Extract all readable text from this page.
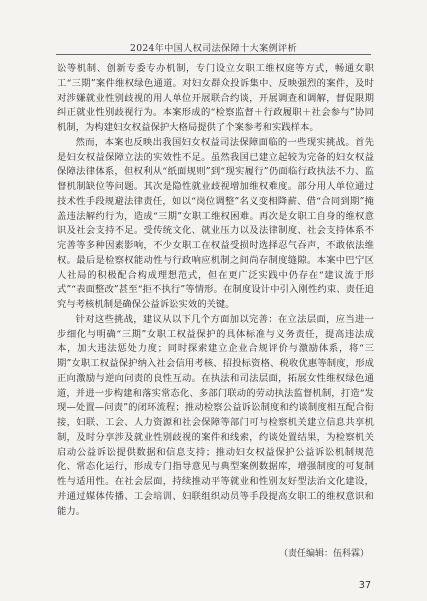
2024年中国人权司法保障十大案例评析

讼等机制、创新专委专办机制，专门设立女职工维权庭等方式，畅通女职工“三期”案件维权绿色通道。对妇女群众投诉集中、反映强烈的案件，及时对涉嫌就业性别歧视的用人单位开展联合约谈，开展调查和调解，督促限期纠正就业性别歧视行为。本案形成的“检察监督＋行政履职＋社会参与”协同机制，为构建妇女权益保护大格局提供了个案参考和实践样本。

然而，本案也反映出我国妇女权益司法保障面临的一些现实挑战。首先是妇女权益保障立法的实效性不足。虽然我国已建立起较为完备的妇女权益保障法律体系，但权利从“纸面规则”到“现实履行”仍面临行政执法不力、监督机制缺位等问题。其次是隐性就业歧视增加维权难度。部分用人单位通过技术性手段规避法律责任，如以“岗位调整”名义变相降薪、借“合同到期”掩盖违法解约行为，造成“三期”女职工维权困难。再次是女职工自身的维权意识及社会支持不足。受传统文化、就业压力以及法律制度、社会支持体系不完善等多种因素影响，不少女职工在权益受损时选择忍气吞声，不敢依法维权。最后是检察权能动性与行政响应机制之间尚存制度缝隙。本案中巴宁区人社局的积极配合构成理想范式，但在更广泛实践中仍存在“建议流于形式”“表面整改”甚至“拒不执行”等情形。在制度设计中引入刚性约束、责任追究与考核机制是确保公益诉讼实效的关键。

针对这些挑战，建议从以下几个方面加以完善：在立法层面，应当进一步细化与明确“三期”女职工权益保护的具体标准与义务责任，提高违法成本，加大违法惩处力度；同时探索建立企业合规评价与激励体系，将“三期”女职工权益保护纳入社会信用考核、招投标资格、税收优惠等制度，形成正向激励与逆向问责的良性互动。在执法和司法层面，拓展女性维权绿色通道，并进一步构建和落实常态化、多部门联动的劳动执法监督机制，打造“发现—处置—问责”的闭环流程；推动检察公益诉讼制度和约谈制度相互配合衔接，妇联、工会、人力资源和社会保障等部门可与检察机关建立信息共享机制，及时分享涉及就业性别歧视的案件和线索，约谈处置结果，为检察机关启动公益诉讼提供数据和信息支持；推动妇女权益保护公益诉讼机制规范化、常态化运行，形成专门指导意见与典型案例数据库，增强制度的可复制性与适用性。在社会层面，持续推动平等就业和性别友好型法治文化建设，并通过媒体传播、工会培训、妇联组织动员等手段提高女职工的维权意识和能力。

（责任编辑：伍科霖）
37
